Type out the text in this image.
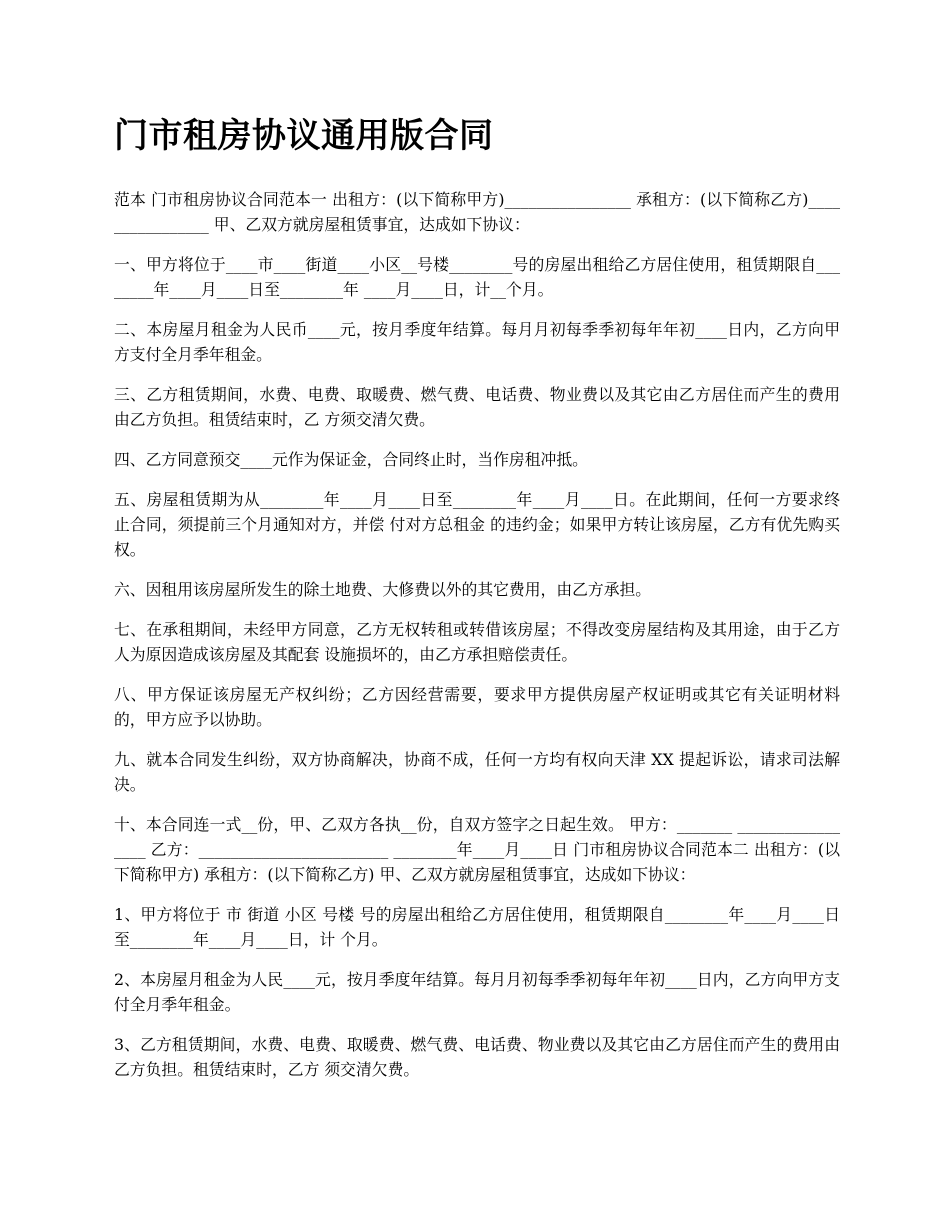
门市租房协议通用版合同

范本 门市租房协议合同范本一 出租方：(以下简称甲方)________________ 承租方：(以下简称乙方)________________ 甲、乙双方就房屋租赁事宜，达成如下协议：

一、甲方将位于____市____街道____小区__号楼________号的房屋出租给乙方居住使用，租赁期限自________年____月____日至________年 ____月____日，计__个月。

二、本房屋月租金为人民币____元，按月季度年结算。每月月初每季季初每年年初____日内，乙方向甲方支付全月季年租金。

三、乙方租赁期间，水费、电费、取暖费、燃气费、电话费、物业费以及其它由乙方居住而产生的费用由乙方负担。租赁结束时，乙 方须交清欠费。

四、乙方同意预交____元作为保证金，合同终止时，当作房租冲抵。

五、房屋租赁期为从________年____月____日至________年____月____日。在此期间，任何一方要求终止合同，须提前三个月通知对方，并偿 付对方总租金 的违约金；如果甲方转让该房屋，乙方有优先购买权。

六、因租用该房屋所发生的除土地费、大修费以外的其它费用，由乙方承担。

七、在承租期间，未经甲方同意，乙方无权转租或转借该房屋；不得改变房屋结构及其用途，由于乙方人为原因造成该房屋及其配套 设施损坏的，由乙方承担赔偿责任。

八、甲方保证该房屋无产权纠纷；乙方因经营需要，要求甲方提供房屋产权证明或其它有关证明材料的，甲方应予以协助。

九、就本合同发生纠纷，双方协商解决，协商不成，任何一方均有权向天津 XX 提起诉讼，请求司法解决。

十、本合同连一式__份，甲、乙双方各执__份，自双方签字之日起生效。 甲方：_______ _________________ 乙方：________________________ ________年____月____日 门市租房协议合同范本二 出租方：(以下简称甲方) 承租方：(以下简称乙方) 甲、乙双方就房屋租赁事宜，达成如下协议：

1、甲方将位于 市 街道 小区 号楼 号的房屋出租给乙方居住使用，租赁期限自________年____月____日至________年____月____日，计 个月。

2、本房屋月租金为人民____元，按月季度年结算。每月月初每季季初每年年初____日内，乙方向甲方支付全月季年租金。

3、乙方租赁期间，水费、电费、取暖费、燃气费、电话费、物业费以及其它由乙方居住而产生的费用由乙方负担。租赁结束时，乙方 须交清欠费。
